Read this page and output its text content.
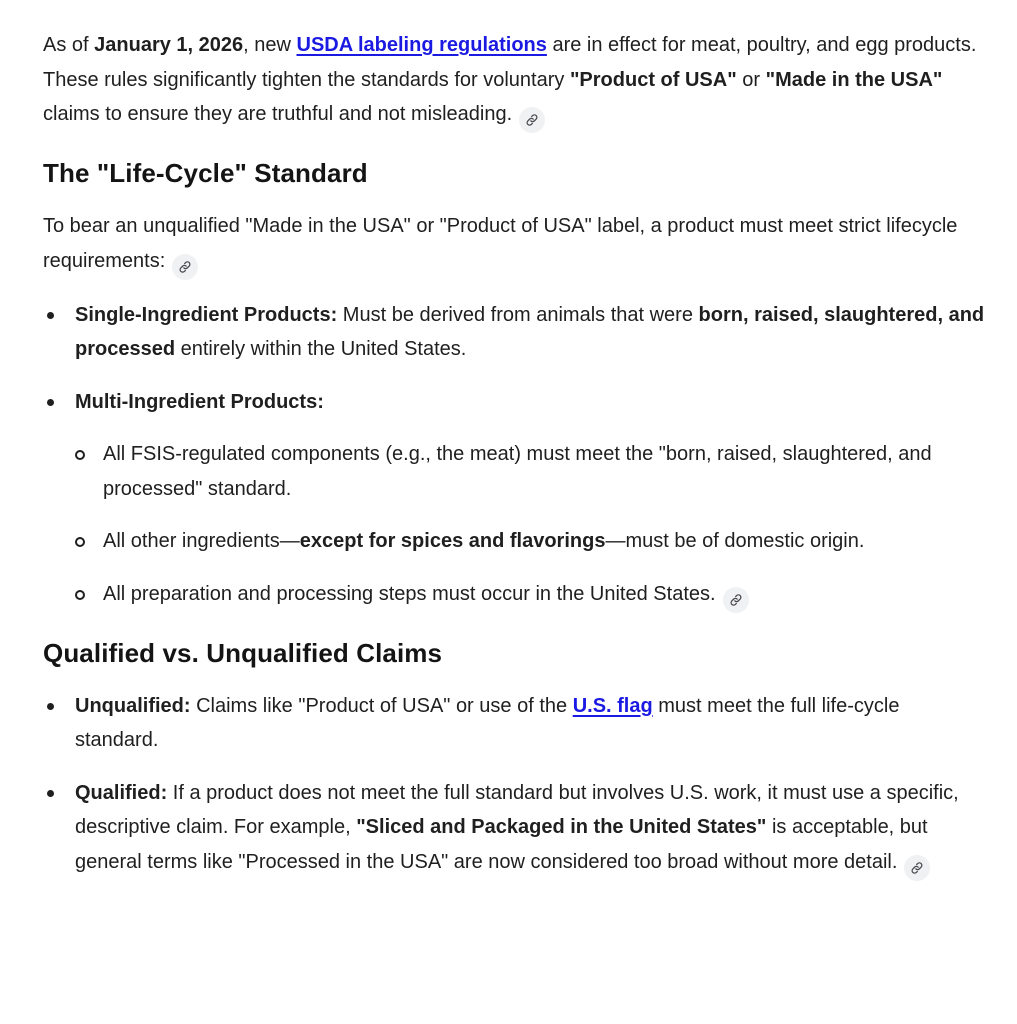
As of January 1, 2026, new USDA labeling regulations are in effect for meat, poultry, and egg products. These rules significantly tighten the standards for voluntary "Product of USA" or "Made in the USA" claims to ensure they are truthful and not misleading.

The "Life-Cycle" Standard

To bear an unqualified "Made in the USA" or "Product of USA" label, a product must meet strict lifecycle requirements:

Single-Ingredient Products: Must be derived from animals that were born, raised, slaughtered, and processed entirely within the United States.
Multi-Ingredient Products:
All FSIS-regulated components (e.g., the meat) must meet the "born, raised, slaughtered, and processed" standard.
All other ingredients—except for spices and flavorings—must be of domestic origin.
All preparation and processing steps must occur in the United States.
Qualified vs. Unqualified Claims
Unqualified: Claims like "Product of USA" or use of the U.S. flag must meet the full life-cycle standard.
Qualified: If a product does not meet the full standard but involves U.S. work, it must use a specific, descriptive claim. For example, "Sliced and Packaged in the United States" is acceptable, but general terms like "Processed in the USA" are now considered too broad without more detail.
